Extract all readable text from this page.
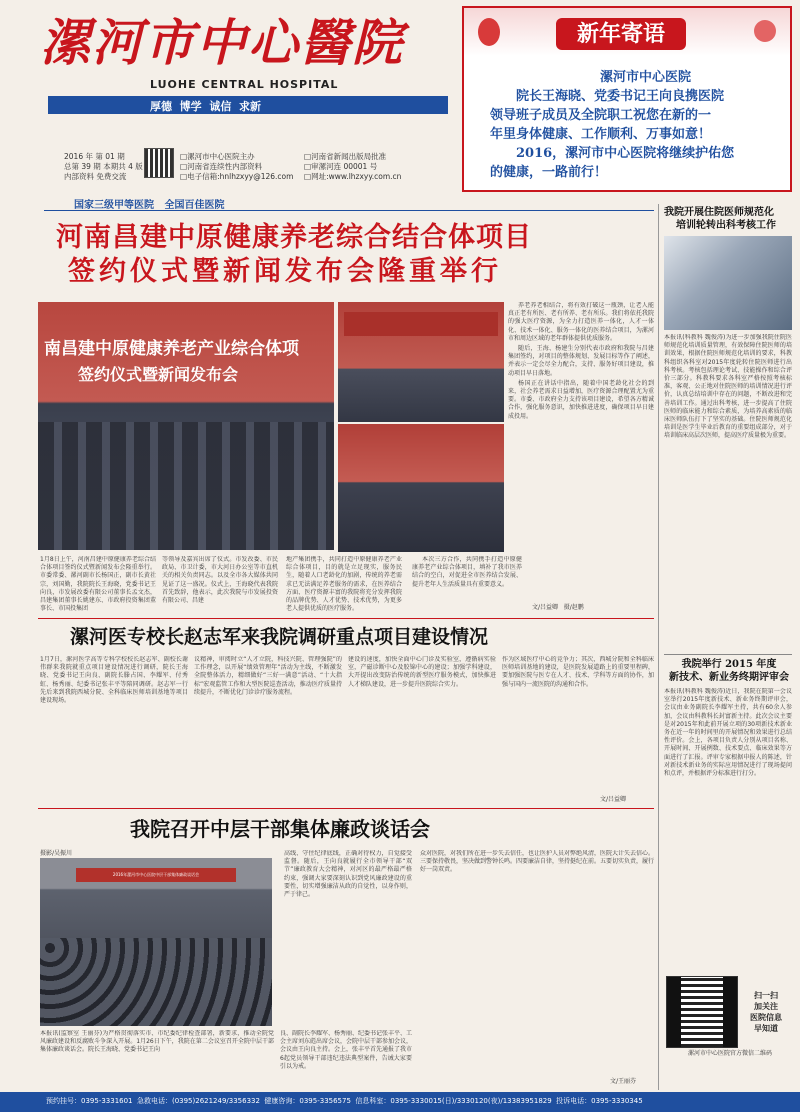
漯河市中心醫院
LUOHE CENTRAL HOSPITAL
厚德  博学  诚信  求新
2016 年 第 01 期
总第 39 期 本期共 4 版
内部资料 免费交流
□漯河市中心医院主办
□河南省连续性内部资料
□电子信箱:hnlhzxyy@126.com
□河南省新闻出版局批准
□审漯河连 00001 号
□网址:www.lhzxyy.com.cn
新年寄语
漯河市中心医院
院长王海晓、党委书记王向良携医院
领导班子成员及全院职工祝您在新的一
年里身体健康、工作顺利、万事如意！
2016，漯河市中心医院将继续护佑您
的健康，一路前行！
国家三级甲等医院   全国百佳医院
河南昌建中原健康养老综合结合体项目
签约仪式暨新闻发布会隆重举行
南昌建中原健康养老产业综合体项
签约仪式暨新闻发布会

养老养老相结合，将有效打破这一瓶颈，让老人能真正老有所医、老有所养、老有所乐。我们将依托我院的强大医疗资源，为全力打造医养一体化，人才一体化、技术一体化、服务一体化的医养结合项目，为漯河市和周边区域的老年群体提供优质服务。

随后，王海、杨建生分别代表市政府和我院与昌建集团签约，对项目的整体规划、发展目标等作了阐述，并表示一定会尽全力配合，支持、服务好项目建设，推动项目早日落地。

杨国正在讲话中指出，随着中国老龄化社会的到来，社会养老需求日益增加，医疗资源合理配置尤为重要。市委、市政府全力支持该项目建设，希望各方精诚合作，强化服务意识，加快推进进度，确保项目早日建成投用。

1月8日上午，河南昌建中原健康养老综合结合体项目签约仪式暨新闻发布会隆重举行。市委常委、漯河副市长杨国正，副市长黄社宗，刘国勤，我院院长王海晓，党委书记王向良，市发展改委有限公司董事长孟文杰，昌建集团董事长姚建东、市政府投资集团董事长、市国投集团
等领导及嘉宾出席了仪式。市发改委、市民政局、市卫计委，市大河日办公室等市直机关的相关负责同志。以及全市各大媒体共同见证了这一盛况。仪式上，王海晓代表我院首先致辞，他表示，此次我院与市发展投资有限公司、昌建
地产集团携手，共同打造中原健康养老产业综合体项目，目的就是立足现实，服务民生，随着人口老龄化的加剧，传统的养老需求已无法满足养老服务的需求，在医养结合方面、医疗资源丰富的我院将充分发挥我院的品牌优势、人才优势、技术优势，为更多老人提供优质的医疗服务。

本次三方合作，共同携手打造中原健康养老产业综合体项目，填补了我市医养结合的空白，对促进全市医养结合发展、提升老年人生活质量具有重要意义。

文/吕益卿   摄/赵鹏
漯河医专校长赵志军来我院调研重点项目建设情况
1月7日，漯河医学高等专科学校校长赵志军、副校长谢伟群来我院就重点项目建设情况进行调研，院长王海晓、党委书记王向良、副院长滕占国、李耀军、付秀虹、杨秀丽、纪委书记张丰平等陪同调研。赵志军一行先后来到我院西城分院、全科临床医师培训基地等项目建设现场。
议精神，审阅时立“人才立院，科技兴院、管理强院”的工作理念，以开展“绩效管理年”活动为主线，不断激发全院整体活力，精细做好“三好一满意”活动、“十大指标”宏观监管工作和大型医院巡查活动，推动医疗质量持续提升，不断优化门诊诊疗服务流程。
建设的速度，加快全面中心门诊及实验室，遵循病实验室，产磁诊断中心及胶锦中心的建设；加强学科建设，大开提出改变防治传统的新型医疗服务模式，加快推进人才梯队建设，进一步提升医院综合实力。
作为区域医疗中心的竞争力；其次，西城分院和全科临床医师培训基地的建设，是医院发展道路上的重要里程碑，要加强医院与医专在人才、技术、学科等方面的协作，加强与国内一流医院的沟通和合作。
文/吕益卿
我院召开中层干部集体廉政谈话会
摄影/吴振川
2016年漯河市中心医院中层干部集体廉政谈话会
本报讯(监察室 王丽芬)为严格贯彻落实市、市纪委纪律检查部署，新要求，推动全院党风廉政建设和反腐败斗争深入开展。1月26日下午，我院在第二会议室召开全院中层干部集体廉政谈话会。院长王海晓、党委书记王向
良、副院长李耀军、杨秀丽、纪委书记张丰平、工会主席刘东彪出席会议，会院中层干部参加会议，会议由王向良主持。会上，张丰平首先通报了我市6起党员领导干部违纪违法典型案件，告诫大家要引以为戒。
高线、守住纪律底线，正确对待权力，自觉接受监督。随后，王向良就履行全市领导干部“双节”廉政教育大会精神，对河区的最严格最严格约束，强调大家要深刻认识到党风廉政建设的重要性，切实增强廉洁从政的自觉性，以身作则，严于律己。
众对医院，对我们所在进一步失去信任，也让医护人员对弊绝风清，医院大计失去信心。三要保持敬畏，坚决做到警钟长鸣。四要廉洁自律，坚持挺纪在前。五要切实负责，履行好一岗双责。
文/王丽芬
我院开展住院医师规范化
培训轮转出科考核工作
本报讯(科教科 魏俊涛)为进一步加强我院住院医师规范化培训质量管理，有效保障住院医师的培训效果，根据住院医师规范化培训的要求，科教科组织各科室对2015年度轮转住院医师进行出科考核。考核包括理论考试、技能操作和综合评价三部分。科教科要求各科室严格按照考核标准，客观、公正地对住院医师的培训情况进行评价，认真总结培训中存在的问题，不断改进和完善培训工作。通过出科考核，进一步提高了住院医师的临床能力和综合素质，为培养高素质的临床医师队伍打下了坚实的基础。住院医师规范化培训是医学生毕业后教育的重要组成部分，对于培训临床高层次医师，提高医疗质量极为重要。
我院举行 2015 年度
新技术、新业务终期评审会
本报讯(科教科 魏俊涛)近日，我院在院第一会议室举行2015年度新技术、新业务终期评审会，会议由业务副院长李耀军主持，共有60余人参加，会议由科教科长封富新主持。此次会议主要是对2015年和此前开展立项的30项新技术新业务在近一年的时间里的开展情况和效果进行总结性评价。会上，各项目负责人分别从项目名称、开展时间、开展例数、技术要点、临床效果等方面进行了汇报。评审专家根据申报人的陈述，针对新技术新业务的实际应用情况进行了现场提问和点评，并根据评分标准进行打分。
扫一扫
加关注
医院信息
早知道
漯河市中心医院官方微信二维码
预约挂号：0395-3331601  急救电话：(0395)2621249/3356332  健康咨询：0395-3356575  信息科室：0395-3330015(日)/3330120(夜)/13383951829  投诉电话：0395-3330345
